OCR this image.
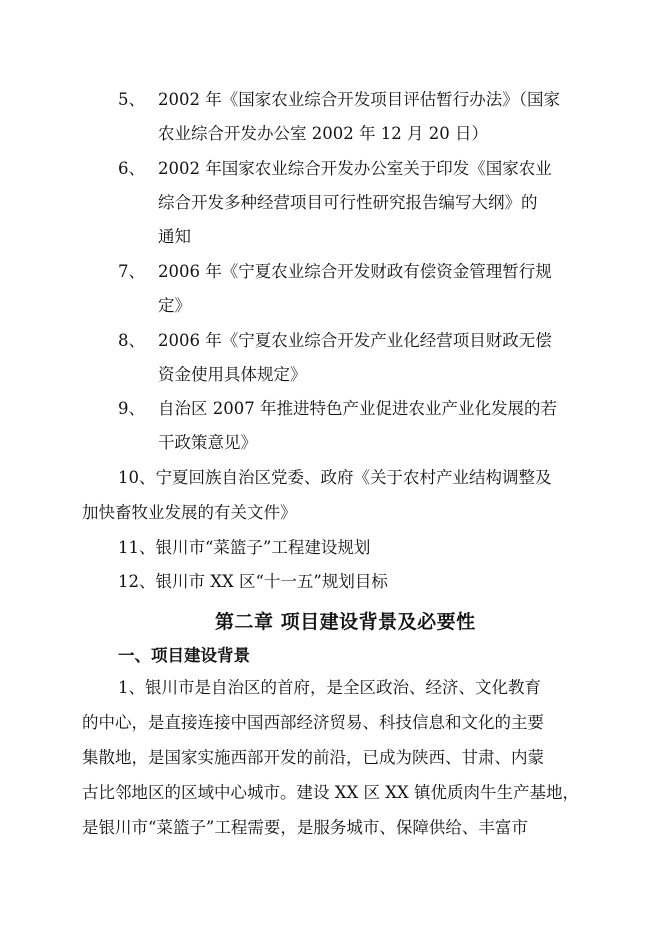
5、 2002 年《国家农业综合开发项目评估暂行办法》（国家
农业综合开发办公室 2002 年 12 月 20 日）
6、 2002 年国家农业综合开发办公室关于印发《国家农业
综合开发多种经营项目可行性研究报告编写大纲》的
通知
7、 2006 年《宁夏农业综合开发财政有偿资金管理暂行规
定》
8、 2006 年《宁夏农业综合开发产业化经营项目财政无偿
资金使用具体规定》
9、 自治区 2007 年推进特色产业促进农业产业化发展的若
干政策意见》
10、宁夏回族自治区党委、政府《关于农村产业结构调整及
加快畜牧业发展的有关文件》
11、银川市“菜篮子”工程建设规划
12、银川市 XX 区“十一五”规划目标
第二章 项目建设背景及必要性
一、项目建设背景
1、银川市是自治区的首府，是全区政治、经济、文化教育
的中心，是直接连接中国西部经济贸易、科技信息和文化的主要
集散地，是国家实施西部开发的前沿，已成为陕西、甘肃、内蒙
古比邻地区的区域中心城市。建设 XX 区 XX 镇优质肉牛生产基地，
是银川市“菜篮子”工程需要，是服务城市、保障供给、丰富市
